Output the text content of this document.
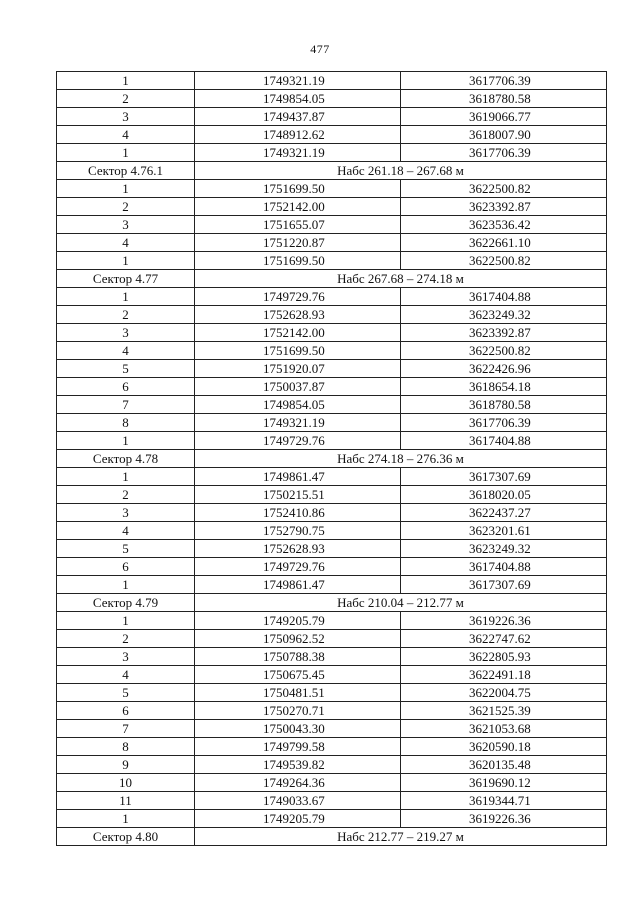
477
1	1749321.19	3617706.39
2	1749854.05	3618780.58
3	1749437.87	3619066.77
4	1748912.62	3618007.90
1	1749321.19	3617706.39
Сектор 4.76.1	Набс 261.18 – 267.68 м	
1	1751699.50	3622500.82
2	1752142.00	3623392.87
3	1751655.07	3623536.42
4	1751220.87	3622661.10
1	1751699.50	3622500.82
Сектор 4.77	Набс 267.68 – 274.18 м	
1	1749729.76	3617404.88
2	1752628.93	3623249.32
3	1752142.00	3623392.87
4	1751699.50	3622500.82
5	1751920.07	3622426.96
6	1750037.87	3618654.18
7	1749854.05	3618780.58
8	1749321.19	3617706.39
1	1749729.76	3617404.88
Сектор 4.78	Набс 274.18 – 276.36 м	
1	1749861.47	3617307.69
2	1750215.51	3618020.05
3	1752410.86	3622437.27
4	1752790.75	3623201.61
5	1752628.93	3623249.32
6	1749729.76	3617404.88
1	1749861.47	3617307.69
Сектор 4.79	Набс 210.04 – 212.77 м	
1	1749205.79	3619226.36
2	1750962.52	3622747.62
3	1750788.38	3622805.93
4	1750675.45	3622491.18
5	1750481.51	3622004.75
6	1750270.71	3621525.39
7	1750043.30	3621053.68
8	1749799.58	3620590.18
9	1749539.82	3620135.48
10	1749264.36	3619690.12
11	1749033.67	3619344.71
1	1749205.79	3619226.36
Сектор 4.80	Набс 212.77 – 219.27 м	
